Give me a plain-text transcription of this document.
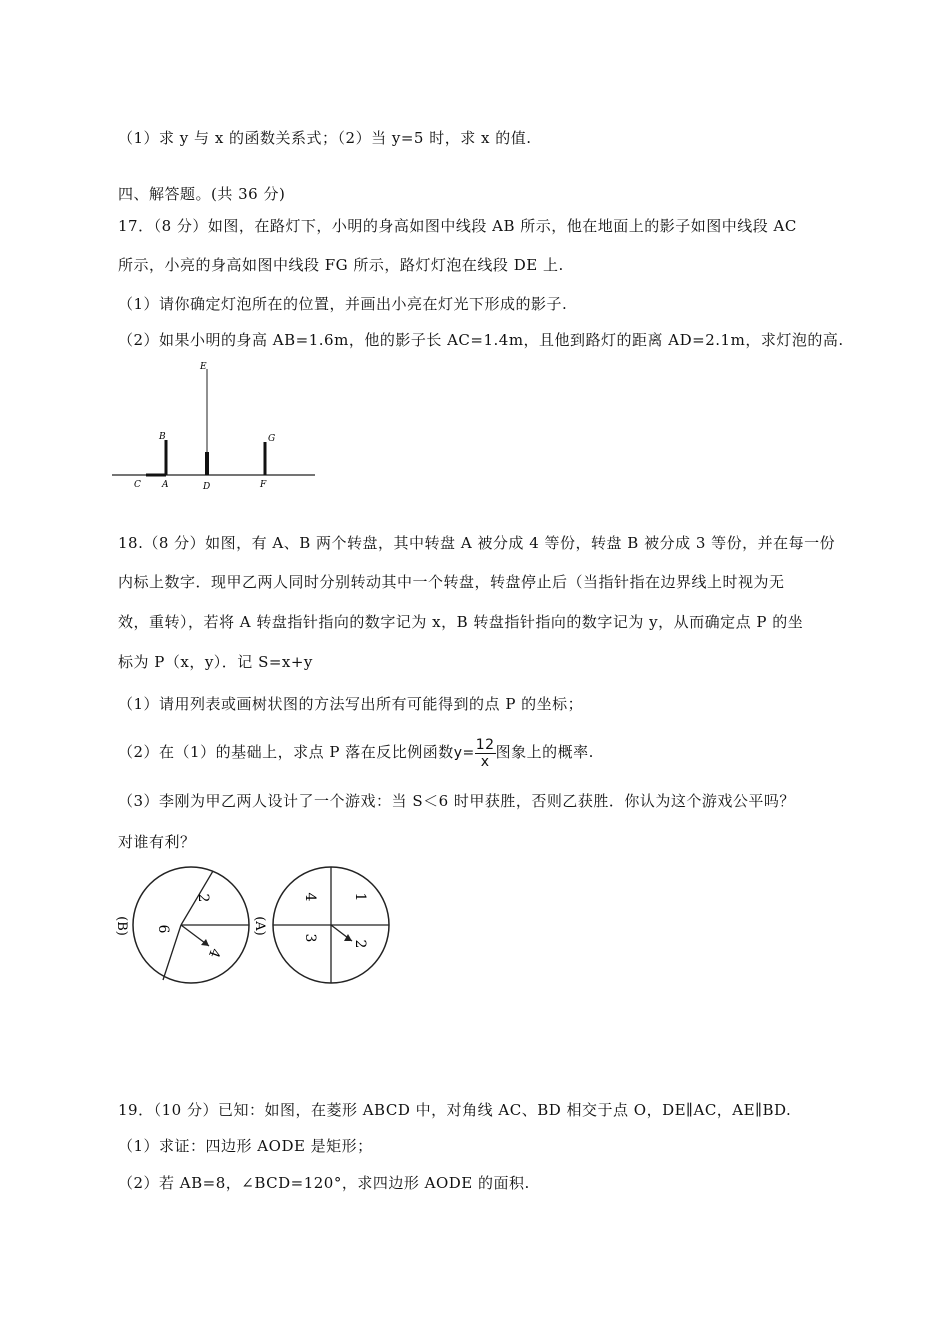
（1）求 y 与 x 的函数关系式；（2）当 y=5 时，求 x 的值.
四、解答题。(共 36 分)
17．（8 分）如图，在路灯下，小明的身高如图中线段 AB 所示，他在地面上的影子如图中线段 AC
所示，小亮的身高如图中线段 FG 所示，路灯灯泡在线段 DE 上.
（1）请你确定灯泡所在的位置，并画出小亮在灯光下形成的影子.
（2）如果小明的身高 AB=1.6m，他的影子长 AC=1.4m，且他到路灯的距离 AD=2.1m，求灯泡的高.
E
B	G
C A	D	F
18.（8 分）如图，有 A、B 两个转盘，其中转盘 A 被分成 4 等份，转盘 B 被分成 3 等份，并在每一份
内标上数字．现甲乙两人同时分别转动其中一个转盘，转盘停止后（当指针指在边界线上时视为无
效，重转），若将 A 转盘指针指向的数字记为 x，B 转盘指针指向的数字记为 y，从而确定点 P 的坐
标为 P（x，y）．记 S=x+y
（1）请用列表或画树状图的方法写出所有可能得到的点 P 的坐标；
（2）在（1）的基础上，求点 P 落在反比例函数$y= \frac{12}{x}$ 图象上的概率.
（3）李刚为甲乙两人设计了一个游戏：当 S＜6 时甲获胜，否则乙获胜．你认为这个游戏公平吗？
对谁有利？
2
6
4
(B)
1
2
3
4
(A)
19．（10 分）已知：如图，在菱形 ABCD 中，对角线 AC、BD 相交于点 O，DE∥AC，AE∥BD.
（1）求证：四边形 AODE 是矩形；
（2）若 AB=8，∠BCD=120°，求四边形 AODE 的面积.
